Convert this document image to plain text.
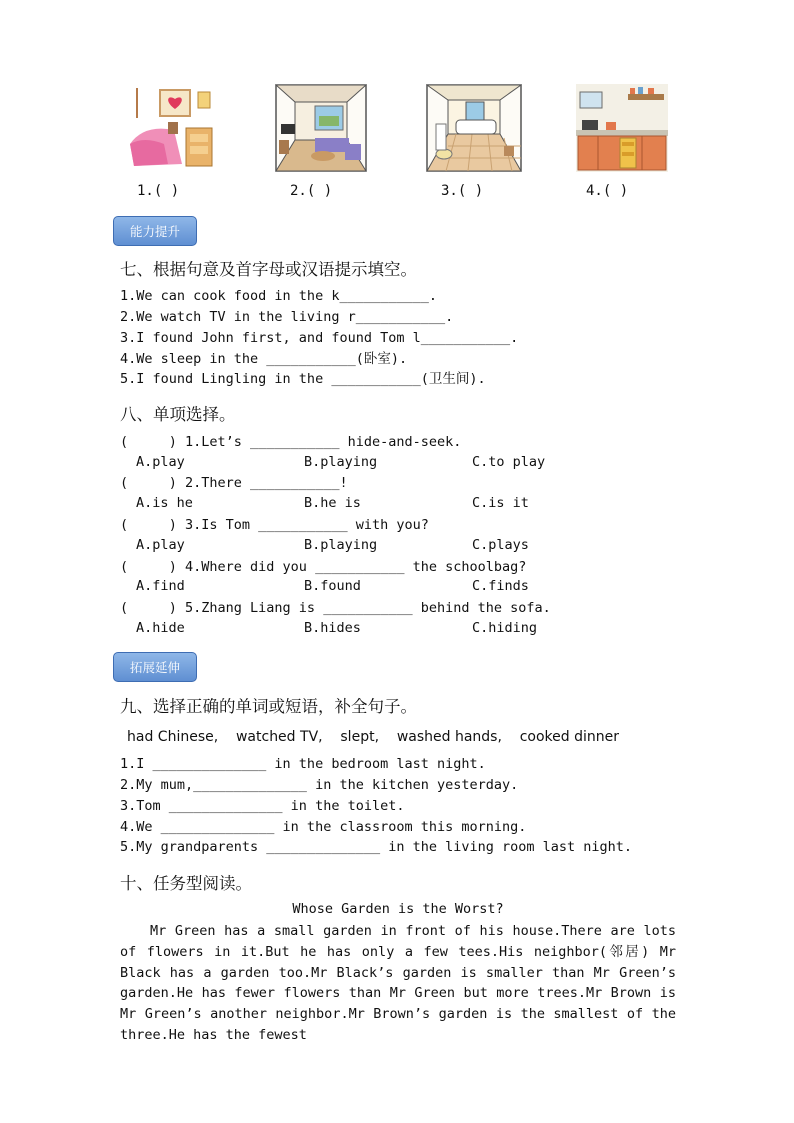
1.( )	2.( )	3.( )	4.( )
能力提升
七、根据句意及首字母或汉语提示填空。
1.We can cook food in the k___________.
2.We watch TV in the living r___________.
3.I found John first, and found Tom l___________.
4.We sleep in the ___________(卧室).
5.I found Lingling in the ___________(卫生间).
八、单项选择。
(     ) 1.Let’s ___________ hide-and-seek.
A.play	B.playing	C.to play
(     ) 2.There ___________!
A.is he	B.he is	C.is it
(     ) 3.Is Tom ___________ with you?
A.play	B.playing	C.plays
(     ) 4.Where did you ___________ the schoolbag?
A.find	B.found	C.finds
(     ) 5.Zhang Liang is ___________ behind the sofa.
A.hide	B.hides	C.hiding
拓展延伸
九、选择正确的单词或短语，补全句子。
had Chinese,    watched TV,    slept,    washed hands,    cooked dinner
1.I ______________ in the bedroom last night.
2.My mum,______________ in the kitchen yesterday.
3.Tom ______________ in the toilet.
4.We ______________ in the classroom this morning.
5.My grandparents ______________ in the living room last night.
十、任务型阅读。
Whose Garden is the Worst?

Mr Green has a small garden in front of his house.There are lots of flowers in it.But he has only a few tees.His neighbor(邻居) Mr Black has a garden too.Mr Black’s garden is smaller than Mr Green’s garden.He has fewer flowers than Mr Green but more trees.Mr Brown is Mr Green’s another neighbor.Mr Brown’s garden is the smallest of the three.He has the fewest
